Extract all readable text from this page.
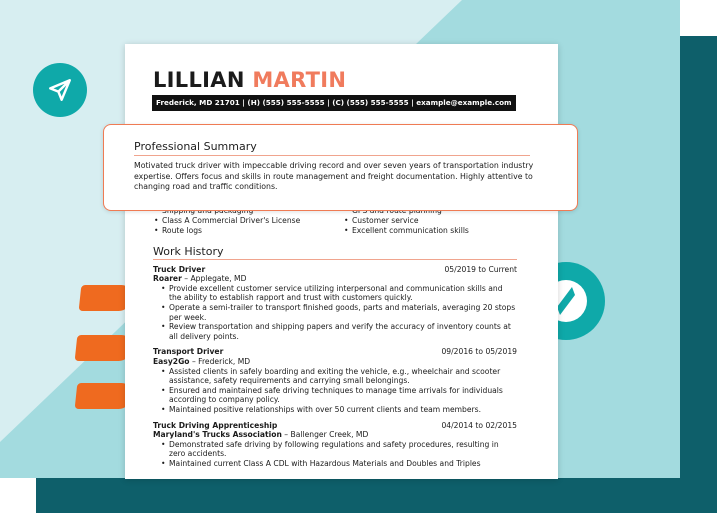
LILLIAN MARTIN
Frederick, MD 21701 | (H) (555) 555-5555 | (C) (555) 555-5555 | example@example.com
•
• Class A Commercial Driver's License
• Route logs
•
• Customer service
• Excellent communication skills
Work History
Truck Driver	05/2019 to Current
Roarer – Applegate, MD
• Provide excellent customer service utilizing interpersonal and communication skills and the ability to establish rapport and trust with customers quickly.
• Operate a semi-trailer to transport finished goods, parts and materials, averaging 20 stops per week.
• Review transportation and shipping papers and verify the accuracy of inventory counts at all delivery points.
Transport Driver	09/2016 to 05/2019
Easy2Go – Frederick, MD
• Assisted clients in safely boarding and exiting the vehicle, e.g., wheelchair and scooter assistance, safety requirements and carrying small belongings.
• Ensured and maintained safe driving techniques to manage time arrivals for individuals according to company policy.
• Maintained positive relationships with over 50 current clients and team members.
Truck Driving Apprenticeship	04/2014 to 02/2015
Maryland's Trucks Association – Ballenger Creek, MD
• Demonstrated safe driving by following regulations and safety procedures, resulting in zero accidents.
• Maintained current Class A CDL with Hazardous Materials and Doubles and Triples
Professional Summary
Motivated truck driver with impeccable driving record and over seven years of transportation industry expertise. Offers focus and skills in route management and freight documentation. Highly attentive to changing road and traffic conditions.
